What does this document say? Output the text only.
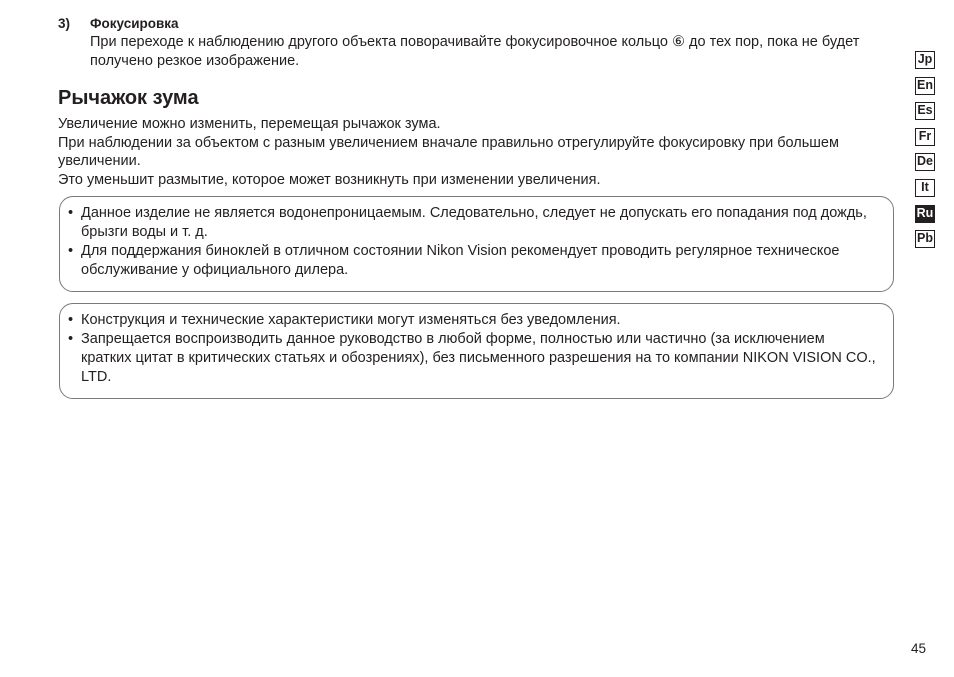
3) Фокусировка
При переходе к наблюдению другого объекта поворачивайте фокусировочное кольцо ⑥ до тех пор, пока не будет получено резкое изображение.
Рычажок зума

Увеличение можно изменить, перемещая рычажок зума.

При наблюдении за объектом с разным увеличением вначале правильно отрегулируйте фокусировку при большем увеличении.

Это уменьшит размытие, которое может возникнуть при изменении увеличения.

• Данное изделие не является водонепроницаемым. Следовательно, следует не допускать его попадания под дождь, брызги воды и т. д.
• Для поддержания биноклей в отличном состоянии Nikon Vision рекомендует проводить регулярное техническое обслуживание у официального дилера.
• Конструкция и технические характеристики могут изменяться без уведомления.
• Запрещается воспроизводить данное руководство в любой форме, полностью или частично (за исключением кратких цитат в критических статьях и обозрениях), без письменного разрешения на то компании NIKON VISION CO., LTD.
Jp
En
Es
Fr
De
It
Ru
Pb
45
